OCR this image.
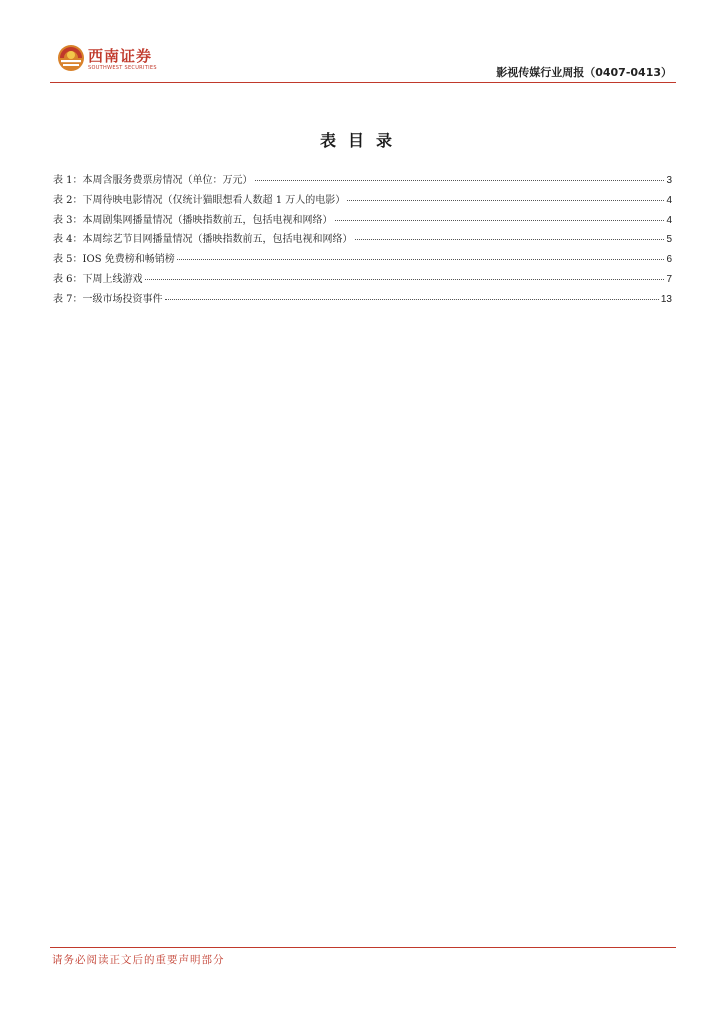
西南证券
SOUTHWEST SECURITIES	影视传媒行业周报（0407-0413）
表目录
表 1：本周含服务费票房情况（单位：万元）	3
表 2：下周待映电影情况（仅统计猫眼想看人数超 1 万人的电影）	4
表 3：本周剧集网播量情况（播映指数前五，包括电视和网络）	4
表 4：本周综艺节目网播量情况（播映指数前五，包括电视和网络）	5
表 5：IOS 免费榜和畅销榜	6
表 6：下周上线游戏	7
表 7：一级市场投资事件	13
请务必阅读正文后的重要声明部分
